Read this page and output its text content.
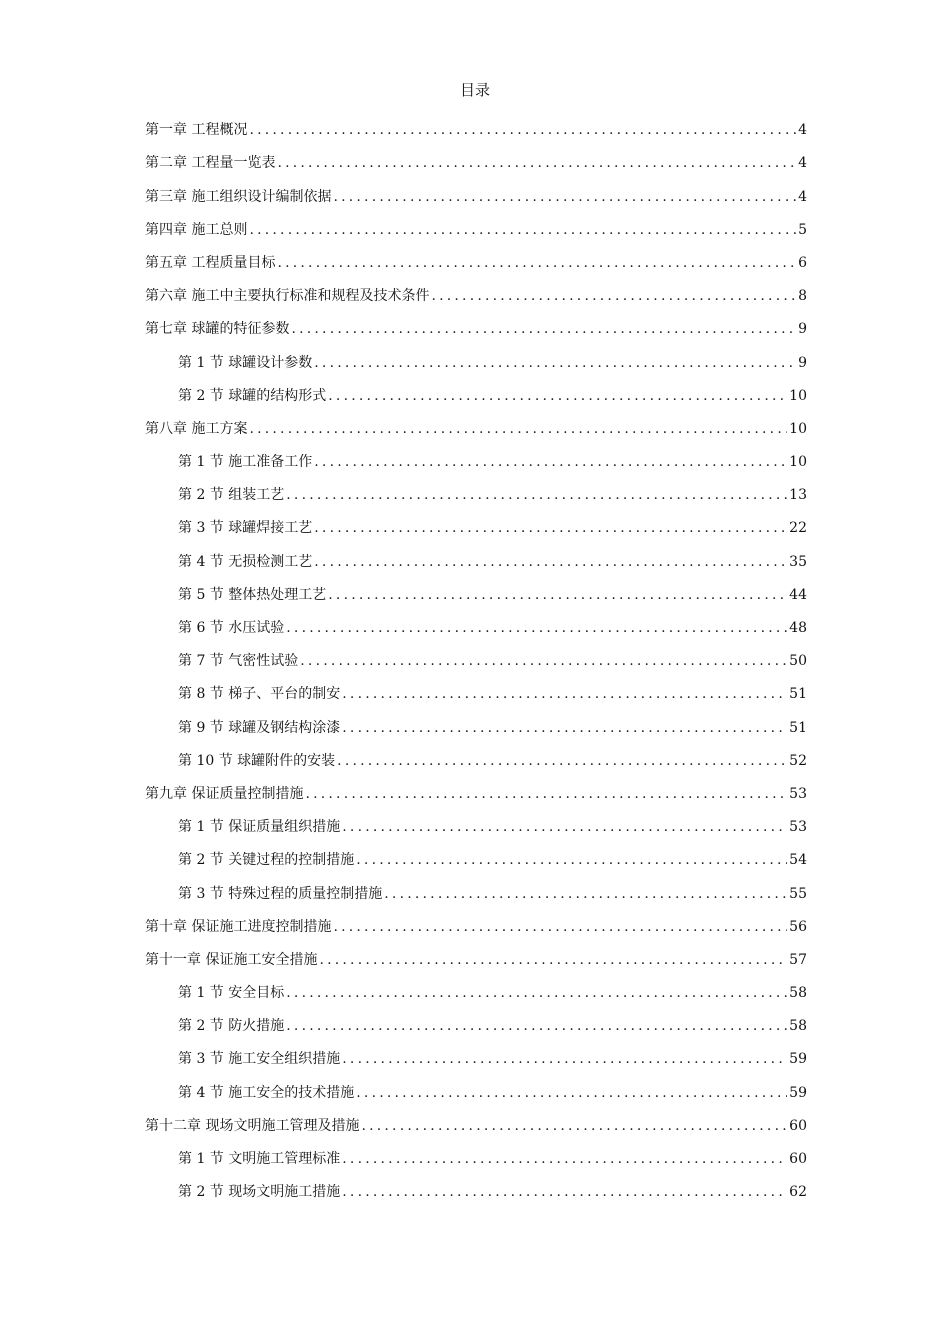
目录
第一章 工程概况 .....	4
第二章 工程量一览表 .....	4
第三章 施工组织设计编制依据 .....	4
第四章 施工总则 .....	5
第五章 工程质量目标 .....	6
第六章 施工中主要执行标准和规程及技术条件 .....	8
第七章 球罐的特征参数 .....	9
第 1 节 球罐设计参数 .....	9
第 2 节 球罐的结构形式 .....	10
第八章 施工方案 .....	10
第 1 节 施工准备工作 .....	10
第 2 节 组装工艺 .....	13
第 3 节 球罐焊接工艺 .....	22
第 4 节 无损检测工艺 .....	35
第 5 节 整体热处理工艺 .....	44
第 6 节 水压试验 .....	48
第 7 节 气密性试验 .....	50
第 8 节 梯子、平台的制安 .....	51
第 9 节 球罐及钢结构涂漆 .....	51
第 10 节 球罐附件的安装 .....	52
第九章 保证质量控制措施 .....	53
第 1 节 保证质量组织措施 .....	53
第 2 节 关键过程的控制措施 .....	54
第 3 节 特殊过程的质量控制措施 .....	55
第十章 保证施工进度控制措施 .....	56
第十一章 保证施工安全措施 .....	57
第 1 节 安全目标 .....	58
第 2 节 防火措施 .....	58
第 3 节 施工安全组织措施 .....	59
第 4 节 施工安全的技术措施 .....	59
第十二章 现场文明施工管理及措施 .....	60
第 1 节 文明施工管理标准 .....	60
第 2 节 现场文明施工措施 .....	62
